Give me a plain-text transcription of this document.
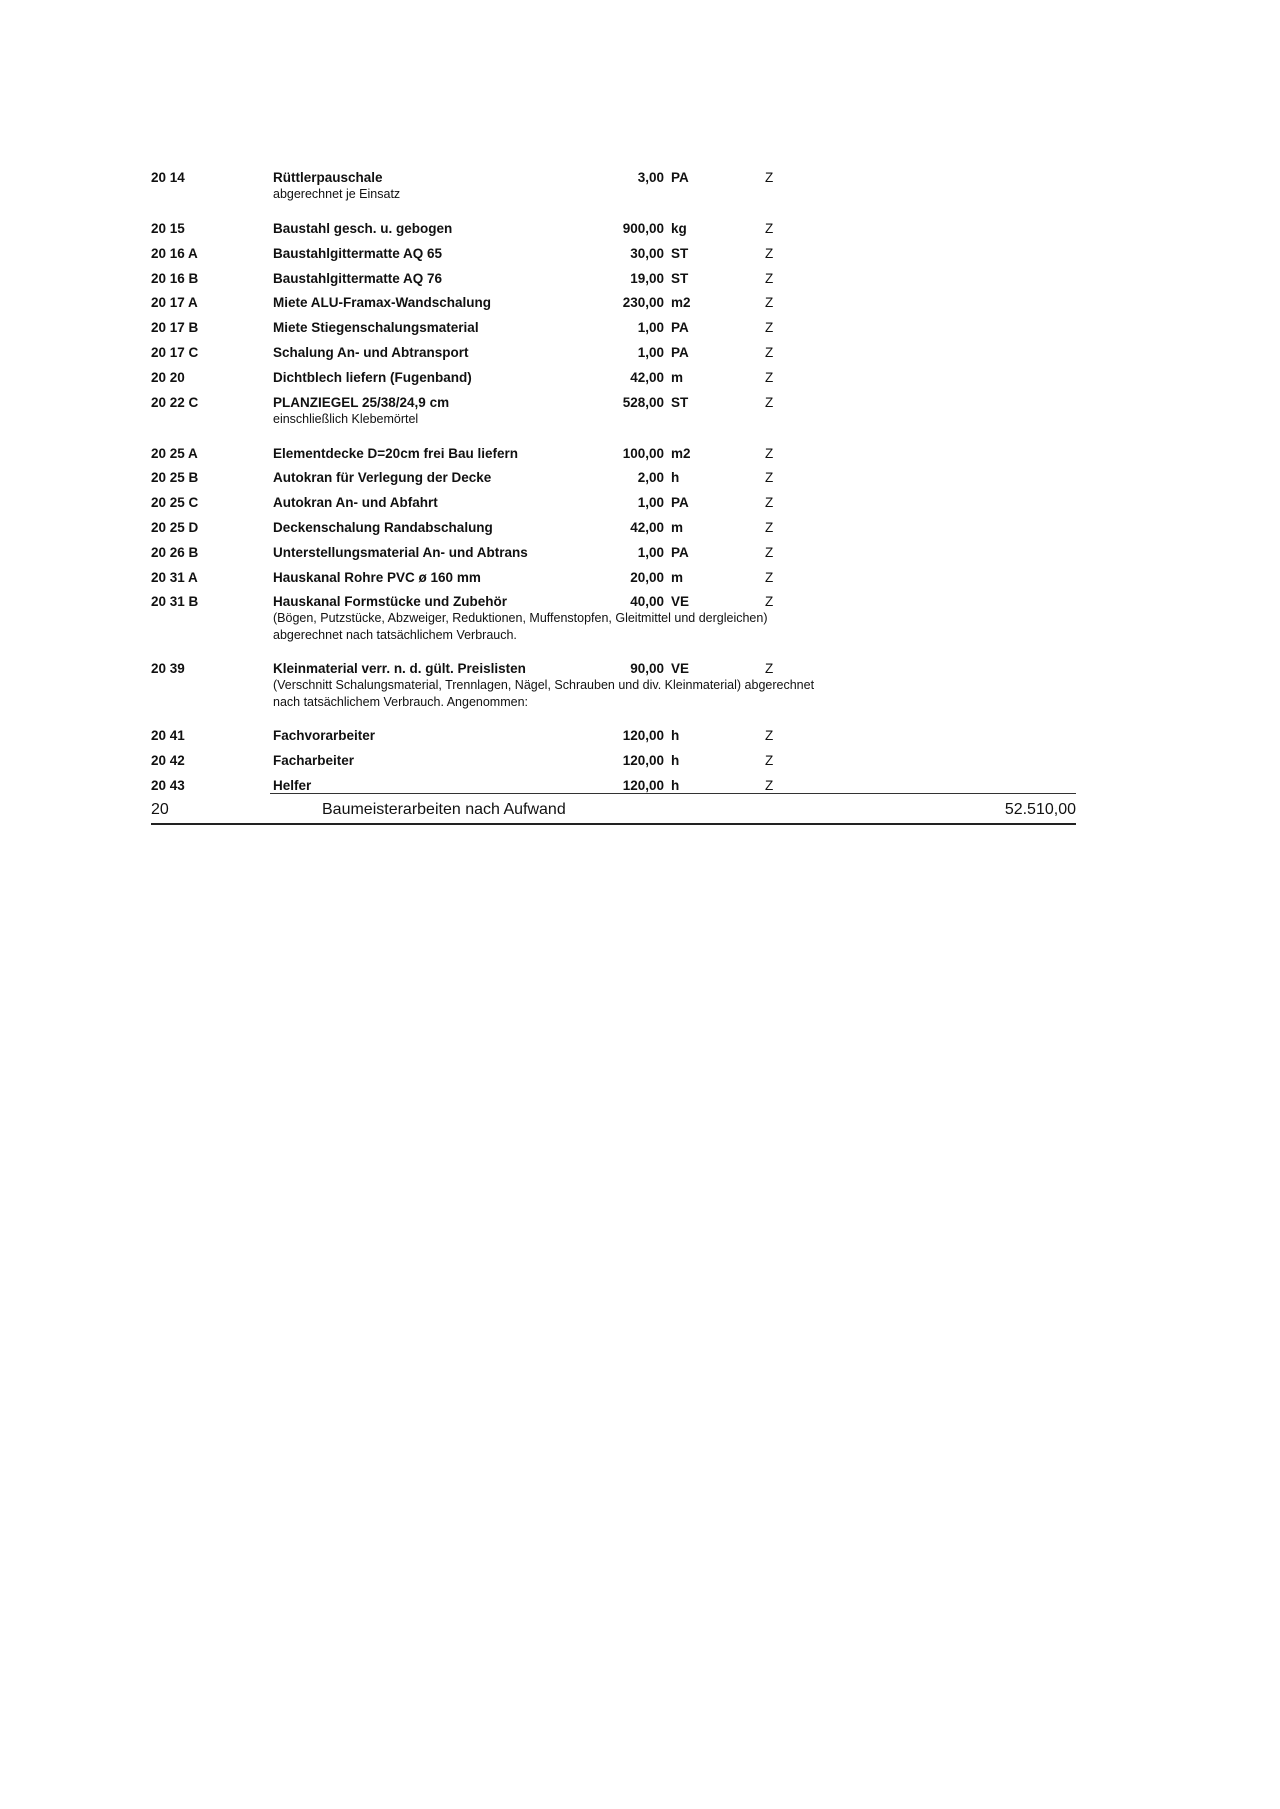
20 14	Rüttlerpauschale	3,00 PA	Z
abgerechnet je Einsatz
20 15	Baustahl gesch. u. gebogen	900,00 kg	Z
20 16 A	Baustahlgittermatte AQ 65	30,00 ST	Z
20 16 B	Baustahlgittermatte AQ 76	19,00 ST	Z
20 17 A	Miete ALU-Framax-Wandschalung	230,00 m2	Z
20 17 B	Miete Stiegenschalungsmaterial	1,00 PA	Z
20 17 C	Schalung An- und Abtransport	1,00 PA	Z
20 20	Dichtblech liefern (Fugenband)	42,00 m	Z
20 22 C	PLANZIEGEL 25/38/24,9 cm	528,00 ST	Z
einschließlich Klebemörtel
20 25 A	Elementdecke D=20cm frei Bau liefern	100,00 m2	Z
20 25 B	Autokran für Verlegung der Decke	2,00 h	Z
20 25 C	Autokran An- und Abfahrt	1,00 PA	Z
20 25 D	Deckenschalung Randabschalung	42,00 m	Z
20 26 B	Unterstellungsmaterial An- und Abtrans	1,00 PA	Z
20 31 A	Hauskanal Rohre PVC ø 160 mm	20,00 m	Z
20 31 B	Hauskanal Formstücke und Zubehör	40,00 VE	Z
(Bögen, Putzstücke, Abzweiger, Reduktionen, Muffenstopfen, Gleitmittel und dergleichen)
abgerechnet nach tatsächlichem Verbrauch.
20 39	Kleinmaterial verr. n. d. gült. Preislisten	90,00 VE	Z
(Verschnitt Schalungsmaterial, Trennlagen, Nägel, Schrauben und div. Kleinmaterial) abgerechnet
nach tatsächlichem Verbrauch. Angenommen:
20 41	Fachvorarbeiter	120,00 h	Z
20 42	Facharbeiter	120,00 h	Z
20 43	Helfer	120,00 h	Z
20	Baumeisterarbeiten nach Aufwand	52.510,00
